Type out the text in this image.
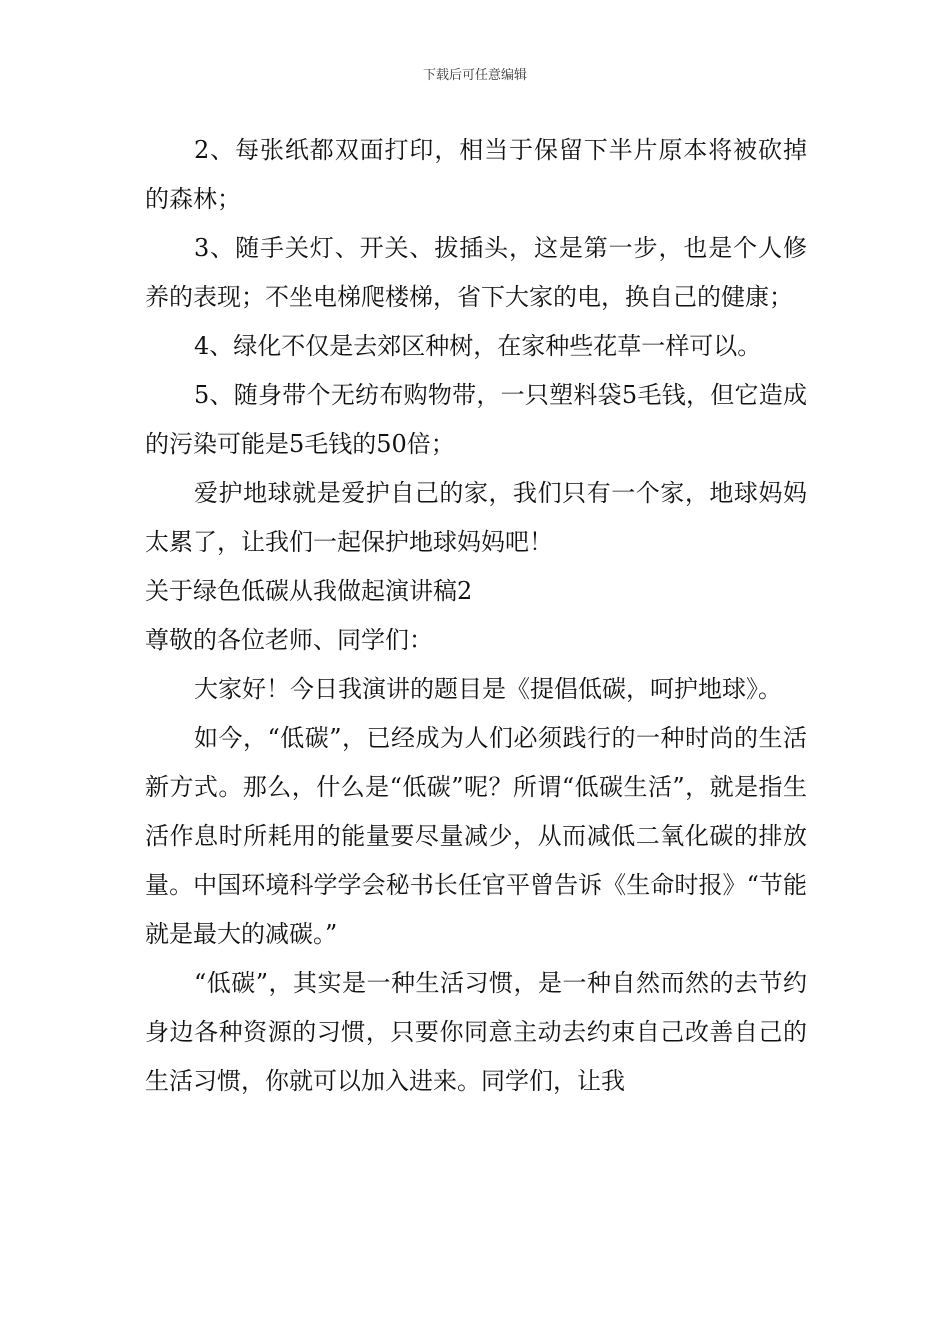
下载后可任意编辑

2、每张纸都双面打印，相当于保留下半片原本将被砍掉的森林；

3、随手关灯、开关、拔插头，这是第一步，也是个人修养的表现；不坐电梯爬楼梯，省下大家的电，换自己的健康；

4、绿化不仅是去郊区种树，在家种些花草一样可以。

5、随身带个无纺布购物带，一只塑料袋5毛钱，但它造成的污染可能是5毛钱的50倍；

爱护地球就是爱护自己的家，我们只有一个家，地球妈妈太累了，让我们一起保护地球妈妈吧！

关于绿色低碳从我做起演讲稿2

尊敬的各位老师、同学们：

大家好！今日我演讲的题目是《提倡低碳，呵护地球》。

如今，“低碳”，已经成为人们必须践行的一种时尚的生活新方式。那么，什么是“低碳”呢？所谓“低碳生活”，就是指生活作息时所耗用的能量要尽量减少，从而减低二氧化碳的排放量。中国环境科学学会秘书长任官平曾告诉《生命时报》“节能就是最大的减碳。”

“低碳”，其实是一种生活习惯，是一种自然而然的去节约身边各种资源的习惯，只要你同意主动去约束自己改善自己的生活习惯，你就可以加入进来。同学们，让我
